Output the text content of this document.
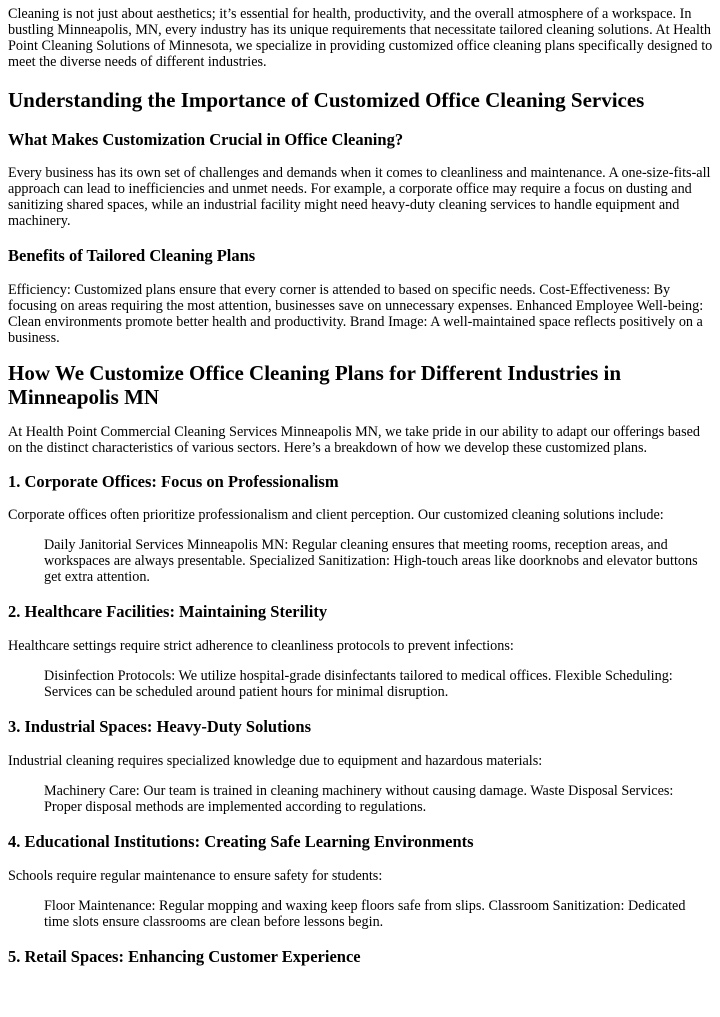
Cleaning is not just about aesthetics; it’s essential for health, productivity, and the overall atmosphere of a workspace. In bustling Minneapolis, MN, every industry has its unique requirements that necessitate tailored cleaning solutions. At Health Point Cleaning Solutions of Minnesota, we specialize in providing customized office cleaning plans specifically designed to meet the diverse needs of different industries.

Understanding the Importance of Customized Office Cleaning Services
What Makes Customization Crucial in Office Cleaning?

Every business has its own set of challenges and demands when it comes to cleanliness and maintenance. A one-size-fits-all approach can lead to inefficiencies and unmet needs. For example, a corporate office may require a focus on dusting and sanitizing shared spaces, while an industrial facility might need heavy-duty cleaning services to handle equipment and machinery.

Benefits of Tailored Cleaning Plans

Efficiency: Customized plans ensure that every corner is attended to based on specific needs. Cost-Effectiveness: By focusing on areas requiring the most attention, businesses save on unnecessary expenses. Enhanced Employee Well-being: Clean environments promote better health and productivity. Brand Image: A well-maintained space reflects positively on a business.

How We Customize Office Cleaning Plans for Different Industries in Minneapolis MN

At Health Point Commercial Cleaning Services Minneapolis MN, we take pride in our ability to adapt our offerings based on the distinct characteristics of various sectors. Here’s a breakdown of how we develop these customized plans.

1. Corporate Offices: Focus on Professionalism

Corporate offices often prioritize professionalism and client perception. Our customized cleaning solutions include:

Daily Janitorial Services Minneapolis MN: Regular cleaning ensures that meeting rooms, reception areas, and workspaces are always presentable. Specialized Sanitization: High-touch areas like doorknobs and elevator buttons get extra attention.

2. Healthcare Facilities: Maintaining Sterility

Healthcare settings require strict adherence to cleanliness protocols to prevent infections:

Disinfection Protocols: We utilize hospital-grade disinfectants tailored to medical offices. Flexible Scheduling: Services can be scheduled around patient hours for minimal disruption.

3. Industrial Spaces: Heavy-Duty Solutions

Industrial cleaning requires specialized knowledge due to equipment and hazardous materials:

Machinery Care: Our team is trained in cleaning machinery without causing damage. Waste Disposal Services: Proper disposal methods are implemented according to regulations.

4. Educational Institutions: Creating Safe Learning Environments

Schools require regular maintenance to ensure safety for students:

Floor Maintenance: Regular mopping and waxing keep floors safe from slips. Classroom Sanitization: Dedicated time slots ensure classrooms are clean before lessons begin.

5. Retail Spaces: Enhancing Customer Experience
